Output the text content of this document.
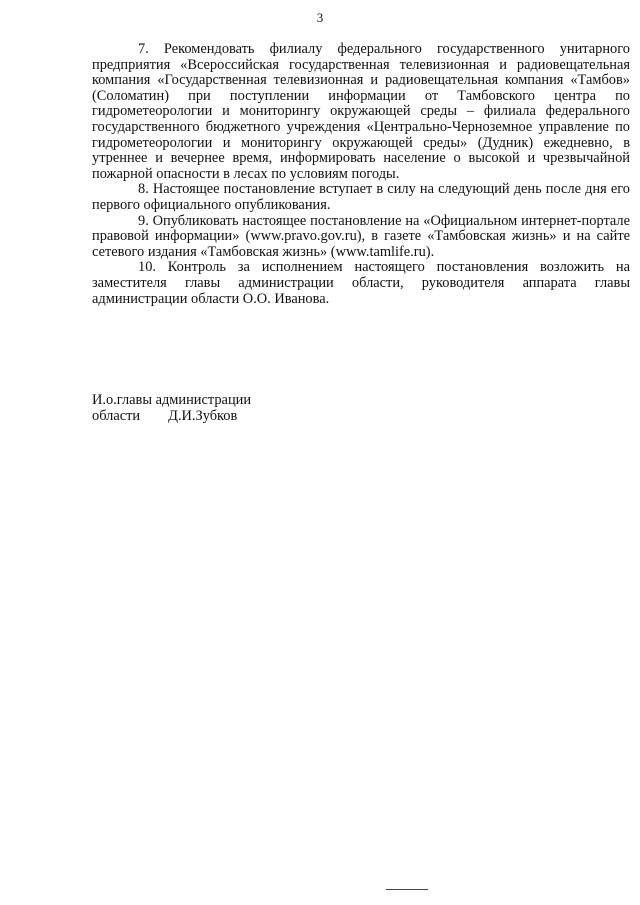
3

7. Рекомендовать филиалу федерального государственного унитарного предприятия «Всероссийская государственная телевизионная и радиовещательная компания «Государственная телевизионная и радиовещательная компания «Тамбов» (Соломатин) при поступлении информации от Тамбовского центра по гидрометеорологии и мониторингу окружающей среды – филиала федерального государственного бюджетного учреждения «Центрально-Черноземное управление по гидрометеорологии и мониторингу окружающей среды» (Дудник) ежедневно, в утреннее и вечернее время, информировать население о высокой и чрезвычайной пожарной опасности в лесах по условиям погоды.

8. Настоящее постановление вступает в силу на следующий день после дня его первого официального опубликования.

9. Опубликовать настоящее постановление на «Официальном интернет-портале правовой информации» (www.pravo.gov.ru), в газете «Тамбовская жизнь» и на сайте сетевого издания «Тамбовская жизнь» (www.tamlife.ru).

10. Контроль за исполнением настоящего постановления возложить на заместителя главы администрации области, руководителя аппарата главы администрации области О.О. Иванова.

И.о.главы администрации
области Д.И.Зубков
